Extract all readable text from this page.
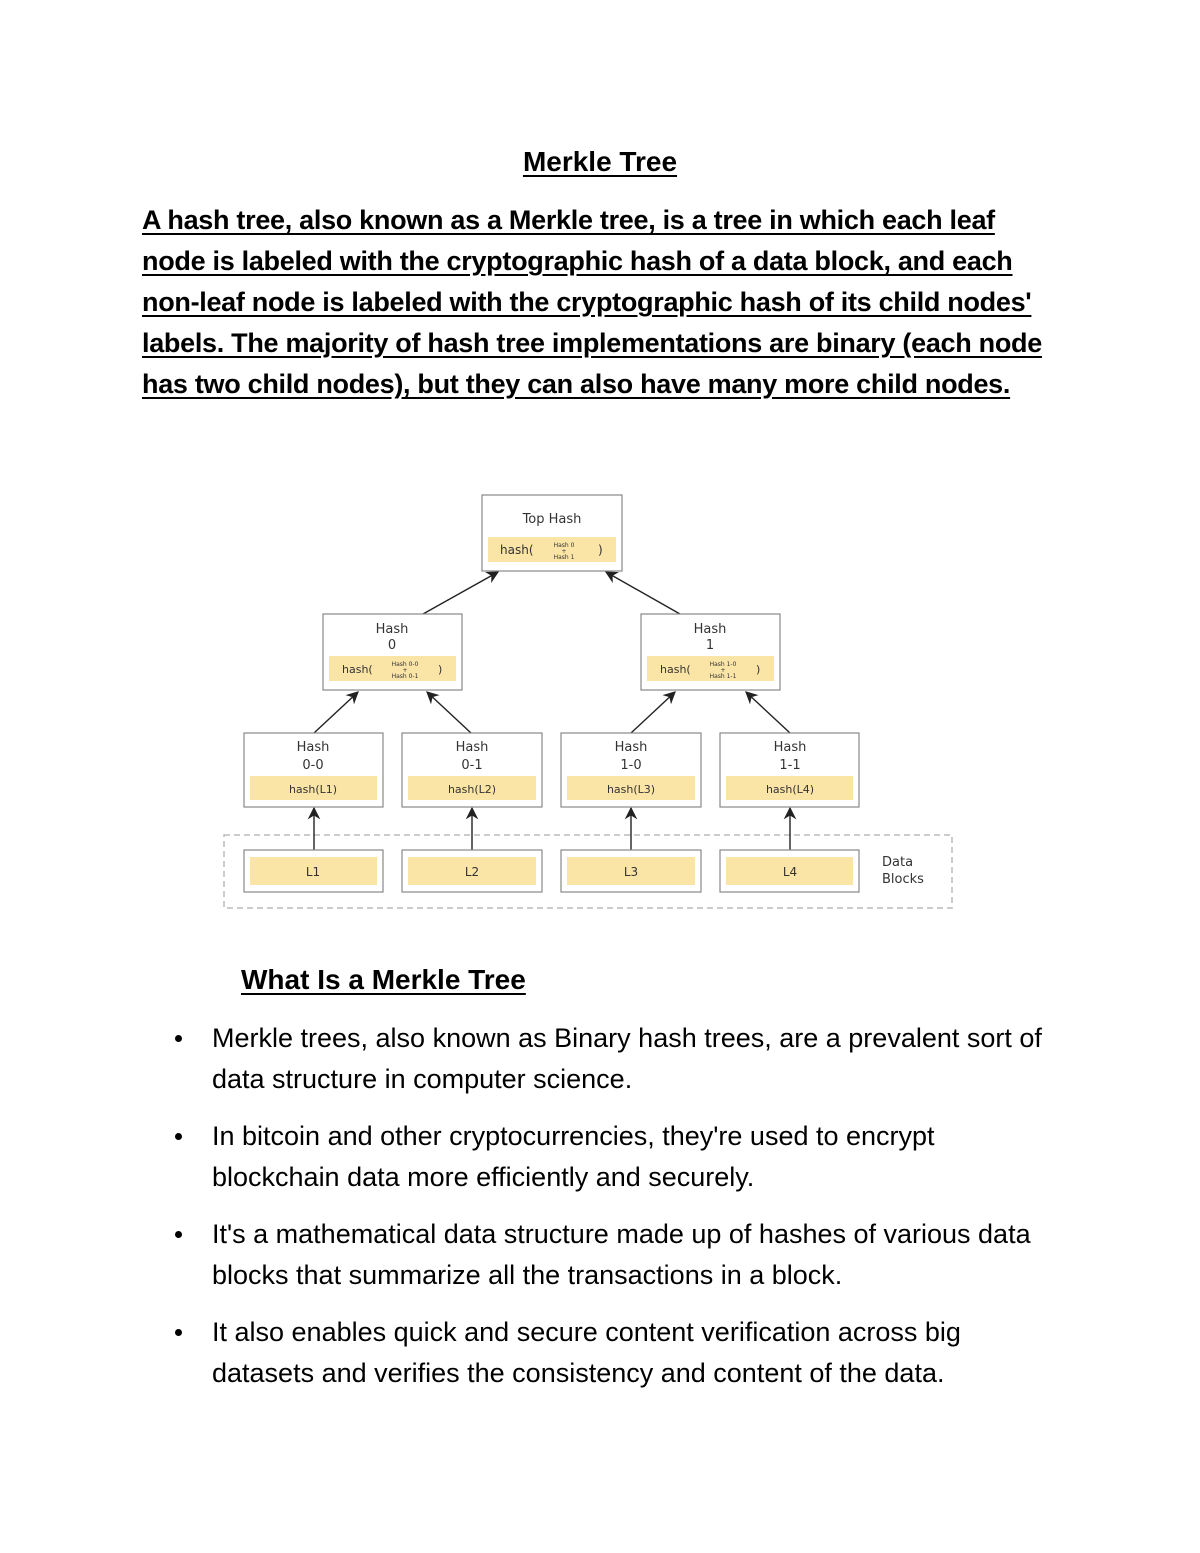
Merkle Tree

A hash tree, also known as a Merkle tree, is a tree in which each leaf node is labeled with the cryptographic hash of a data block, and each non-leaf node is labeled with the cryptographic hash of its child nodes' labels. The majority of hash tree implementations are binary (each node has two child nodes), but they can also have many more child nodes.

Top Hash
hash(	Hash 0
+
Hash 1
)
Hash
0
hash(	Hash 0-0
+
Hash 0-1
)
Hash
1
hash(	Hash 1-0
+
Hash 1-1
)
Hash
0-0
hash(L1)
Hash
0-1
hash(L2)
Hash
1-0
hash(L3)
Hash
1-1
hash(L4)
L1	L2	L3	L4
Data
Blocks
What Is a Merkle Tree
Merkle trees, also known as Binary hash trees, are a prevalent sort of data structure in computer science.
In bitcoin and other cryptocurrencies, they're used to encrypt blockchain data more efficiently and securely.
It's a mathematical data structure made up of hashes of various data blocks that summarize all the transactions in a block.
It also enables quick and secure content verification across big datasets and verifies the consistency and content of the data.
